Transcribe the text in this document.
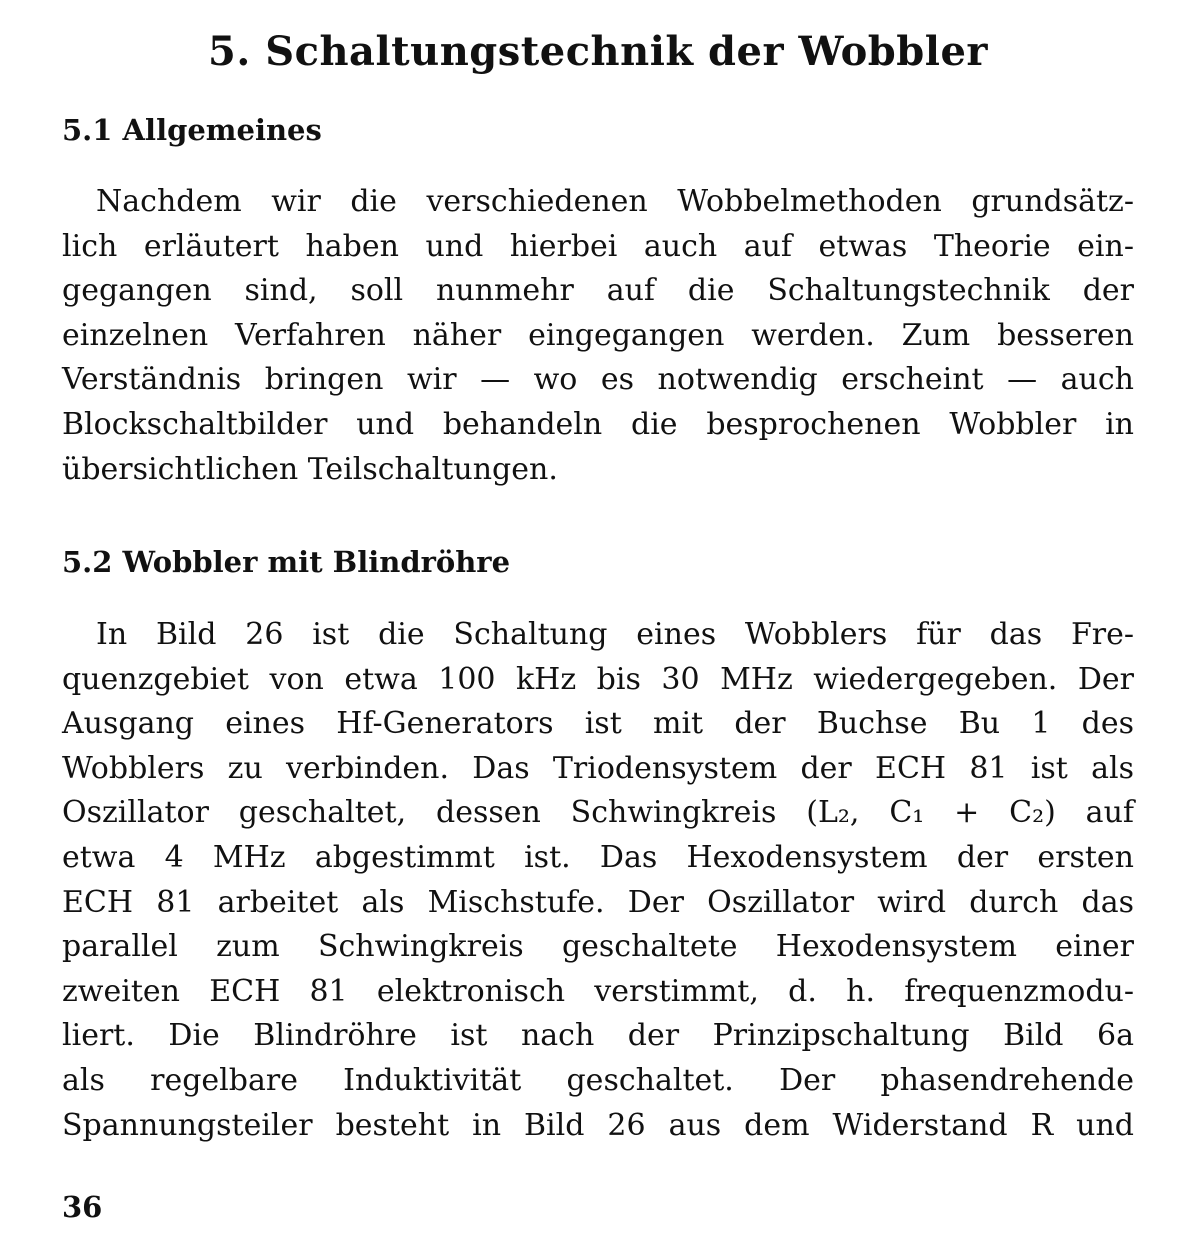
5. Schaltungstechnik der Wobbler
5.1 Allgemeines

Nachdem wir die verschiedenen Wobbelmethoden grundsätz-
lich erläutert haben und hierbei auch auf etwas Theorie ein-
gegangen sind, soll nunmehr auf die Schaltungstechnik der
einzelnen Verfahren näher eingegangen werden. Zum besseren
Verständnis bringen wir — wo es notwendig erscheint — auch
Blockschaltbilder und behandeln die besprochenen Wobbler in
übersichtlichen Teilschaltungen.

5.2 Wobbler mit Blindröhre

In Bild 26 ist die Schaltung eines Wobblers für das Fre-
quenzgebiet von etwa 100 kHz bis 30 MHz wiedergegeben. Der
Ausgang eines Hf-Generators ist mit der Buchse Bu 1 des
Wobblers zu verbinden. Das Triodensystem der ECH 81 ist als
Oszillator geschaltet, dessen Schwingkreis (L₂, C₁ + C₂) auf
etwa 4 MHz abgestimmt ist. Das Hexodensystem der ersten
ECH 81 arbeitet als Mischstufe. Der Oszillator wird durch das
parallel zum Schwingkreis geschaltete Hexodensystem einer
zweiten ECH 81 elektronisch verstimmt, d. h. frequenzmodu-
liert. Die Blindröhre ist nach der Prinzipschaltung Bild 6a
als regelbare Induktivität geschaltet. Der phasendrehende
Spannungsteiler besteht in Bild 26 aus dem Widerstand R und

36
